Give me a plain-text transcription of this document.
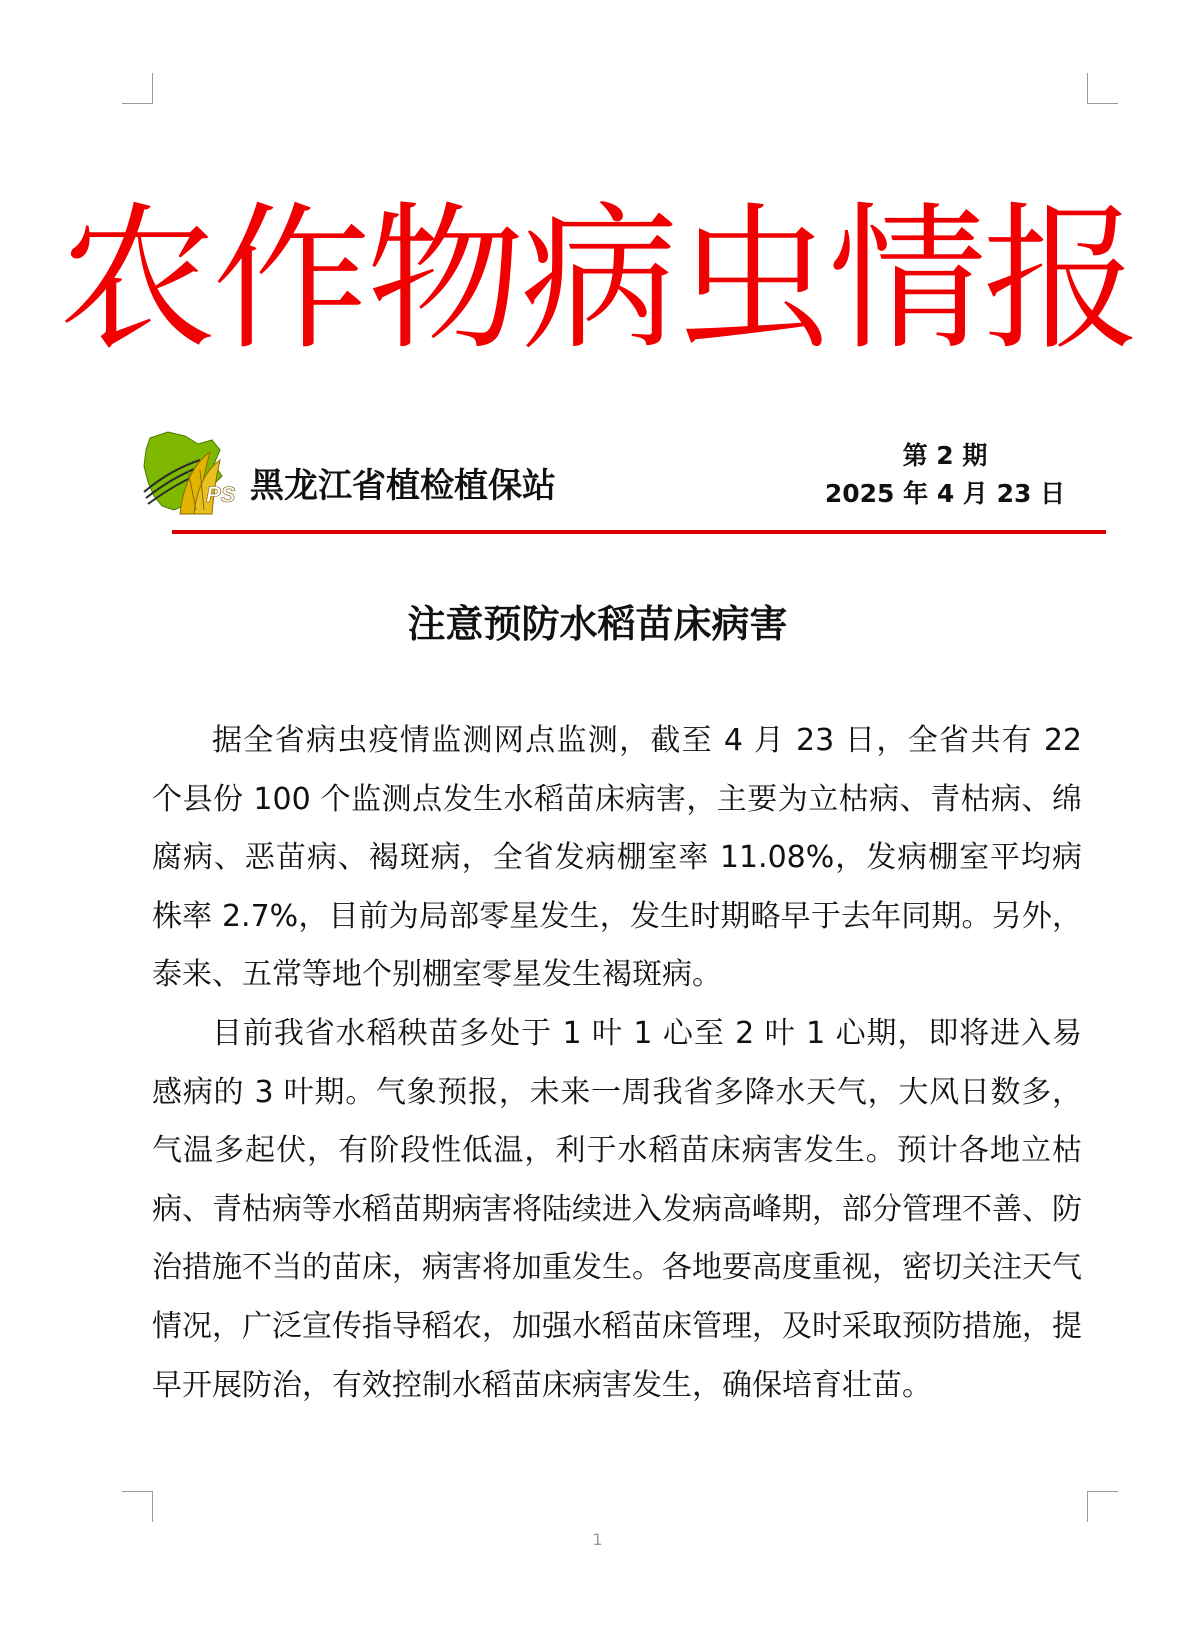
农作物病虫情报
PS 黑龙江省植检植保站
第 2 期
2025 年 4 月 23 日
注意预防水稻苗床病害

据全省病虫疫情监测网点监测，截至 4 月 23 日，全省共有 22 个县份 100 个监测点发生水稻苗床病害，主要为立枯病、青枯病、绵腐病、恶苗病、褐斑病，全省发病棚室率 11.08%，发病棚室平均病株率 2.7%，目前为局部零星发生，发生时期略早于去年同期。另外，泰来、五常等地个别棚室零星发生褐斑病。

目前我省水稻秧苗多处于 1 叶 1 心至 2 叶 1 心期，即将进入易感病的 3 叶期。气象预报，未来一周我省多降水天气，大风日数多，气温多起伏，有阶段性低温，利于水稻苗床病害发生。预计各地立枯病、青枯病等水稻苗期病害将陆续进入发病高峰期，部分管理不善、防治措施不当的苗床，病害将加重发生。各地要高度重视，密切关注天气情况，广泛宣传指导稻农，加强水稻苗床管理，及时采取预防措施，提早开展防治，有效控制水稻苗床病害发生，确保培育壮苗。

1
